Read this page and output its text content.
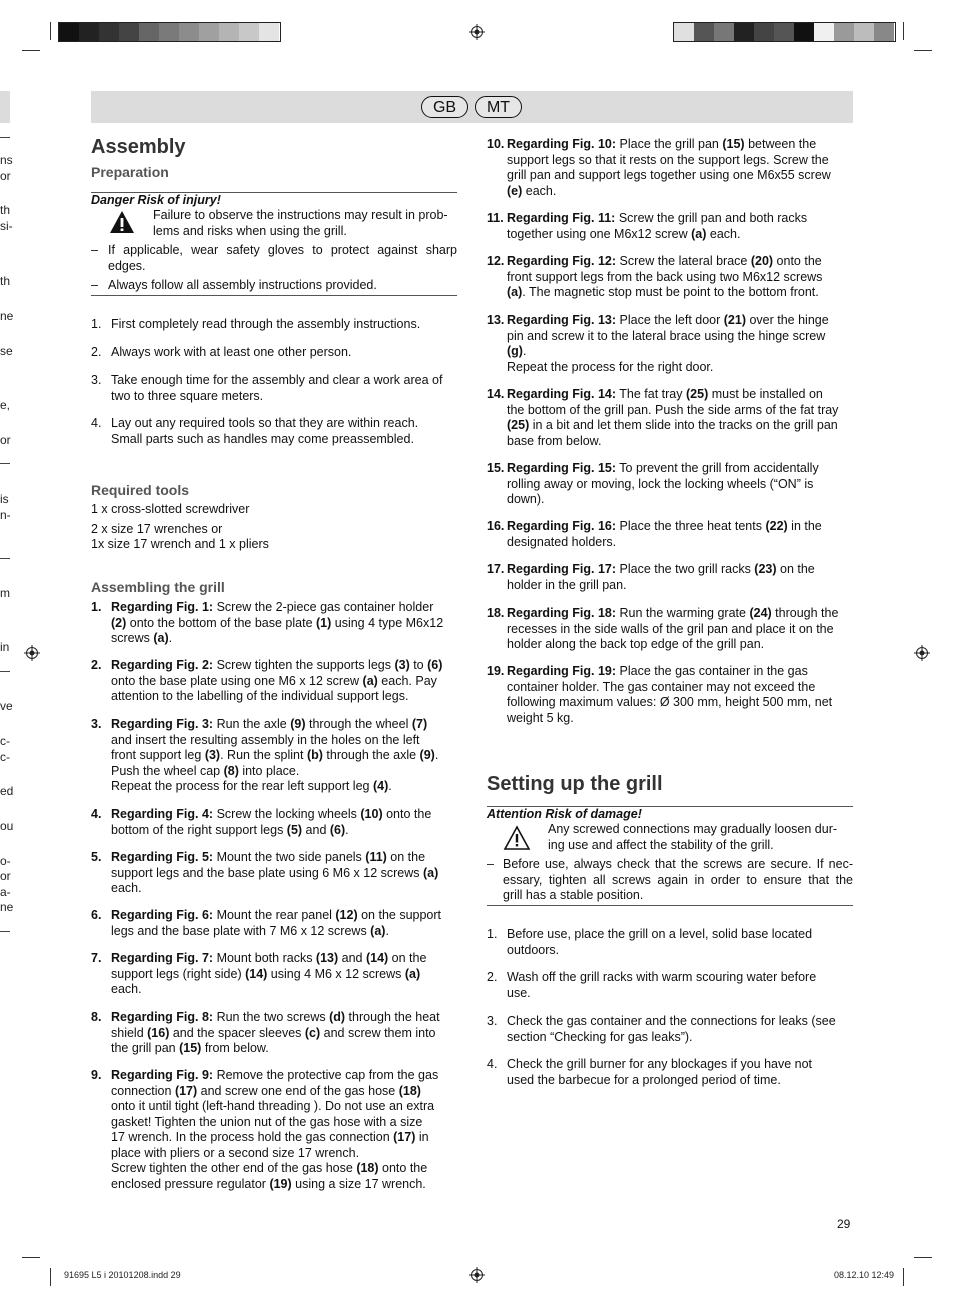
ns
or
th
si-
th
ne
se
e,
or
is
n-
m
in
ve
c-
c-
ed
ou
o-
or
a-
ne
GB	MT
Assembly
Preparation
Danger Risk of injury!
Failure to observe the instructions may result in prob-
lems and risks when using the grill.
– If applicable, wear safety gloves to protect against sharp
edges.
– Always follow all assembly instructions provided.
1. First completely read through the assembly instructions.
2. Always work with at least one other person.
3. Take enough time for the assembly and clear a work area of
two to three square meters.
4. Lay out any required tools so that they are within reach.
Small parts such as handles may come preassembled.
Required tools
1 x cross-slotted screwdriver
2 x size 17 wrenches or
1x size 17 wrench and 1 x pliers
Assembling the grill
1. Regarding Fig. 1: Screw the 2-piece gas container holder
(2) onto the bottom of the base plate (1) using 4 type M6x12
screws (a).
2. Regarding Fig. 2: Screw tighten the supports legs (3) to (6)
onto the base plate using one M6 x 12 screw (a) each. Pay
attention to the labelling of the individual support legs.
3. Regarding Fig. 3: Run the axle (9) through the wheel (7)
and insert the resulting assembly in the holes on the left
front support leg (3). Run the splint (b) through the axle (9).
Push the wheel cap (8) into place.
Repeat the process for the rear left support leg (4).
4. Regarding Fig. 4: Screw the locking wheels (10) onto the
bottom of the right support legs (5) and (6).
5. Regarding Fig. 5: Mount the two side panels (11) on the
support legs and the base plate using 6 M6 x 12 screws (a)
each.
6. Regarding Fig. 6: Mount the rear panel (12) on the support
legs and the base plate with 7 M6 x 12 screws (a).
7. Regarding Fig. 7: Mount both racks (13) and (14) on the
support legs (right side) (14) using 4 M6 x 12 screws (a)
each.
8. Regarding Fig. 8: Run the two screws (d) through the heat
shield (16) and the spacer sleeves (c) and screw them into
the grill pan (15) from below.
9. Regarding Fig. 9: Remove the protective cap from the gas
connection (17) and screw one end of the gas hose (18)
onto it until tight (left-hand threading ). Do not use an extra
gasket! Tighten the union nut of the gas hose with a size
17 wrench. In the process hold the gas connection (17) in
place with pliers or a second size 17 wrench.
Screw tighten the other end of the gas hose (18) onto the
enclosed pressure regulator (19) using a size 17 wrench.
10. Regarding Fig. 10: Place the grill pan (15) between the
support legs so that it rests on the support legs. Screw the
grill pan and support legs together using one M6x55 screw
(e) each.
11. Regarding Fig. 11: Screw the grill pan and both racks
together using one M6x12 screw (a) each.
12. Regarding Fig. 12: Screw the lateral brace (20) onto the
front support legs from the back using two M6x12 screws
(a). The magnetic stop must be point to the bottom front.
13. Regarding Fig. 13: Place the left door (21) over the hinge
pin and screw it to the lateral brace using the hinge screw
(g).
Repeat the process for the right door.
14. Regarding Fig. 14: The fat tray (25) must be installed on
the bottom of the grill pan. Push the side arms of the fat tray
(25) in a bit and let them slide into the tracks on the grill pan
base from below.
15. Regarding Fig. 15: To prevent the grill from accidentally
rolling away or moving, lock the locking wheels (“ON” is
down).
16. Regarding Fig. 16: Place the three heat tents (22) in the
designated holders.
17. Regarding Fig. 17: Place the two grill racks (23) on the
holder in the grill pan.
18. Regarding Fig. 18: Run the warming grate (24) through the
recesses in the side walls of the gril pan and place it on the
holder along the back top edge of the grill pan.
19. Regarding Fig. 19: Place the gas container in the gas
container holder. The gas container may not exceed the
following maximum values: Ø 300 mm, height 500 mm, net
weight 5 kg.
Setting up the grill
Attention Risk of damage!
Any screwed connections may gradually loosen dur-
ing use and affect the stability of the grill.
– Before use, always check that the screws are secure. If nec-
essary, tighten all screws again in order to ensure that the
grill has a stable position.
1. Before use, place the grill on a level, solid base located
outdoors.
2. Wash off the grill racks with warm scouring water before
use.
3. Check the gas container and the connections for leaks (see
section “Checking for gas leaks”).
4. Check the grill burner for any blockages if you have not
used the barbecue for a prolonged period of time.
29
91695 L5 i 20101208.indd 29	08.12.10 12:49
